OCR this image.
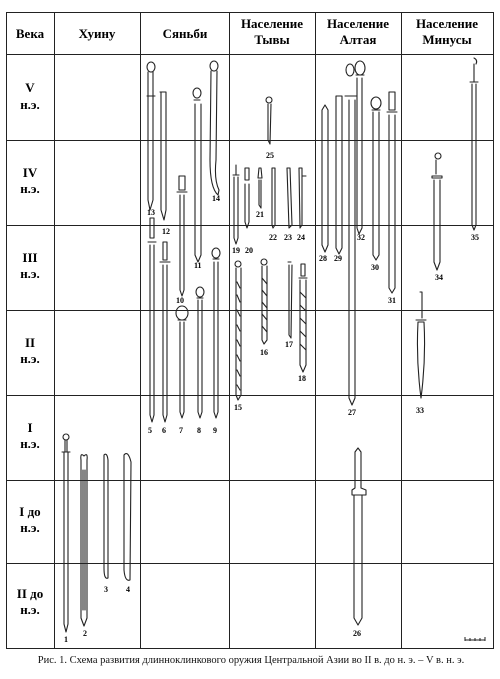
Века	Хуину	Сяньби
Население
Тывы
Население
Алтая
Население
Минусы
V
н.э.
IV
н.э.
III
н.э.
II
н.э.
I
н.э.
I до
н.э.
II до
н.э.
1
2
3 4
5 6 7 8 9
10
11
12
13
14
15
16
17
18
19 20
21
22 23 24
25
26
27
28 29
30
31
32
33
34
35
Рис. 1. Схема развития длинноклинкового оружия Центральной Азии во II в. до н. э. – V в. н. э.
